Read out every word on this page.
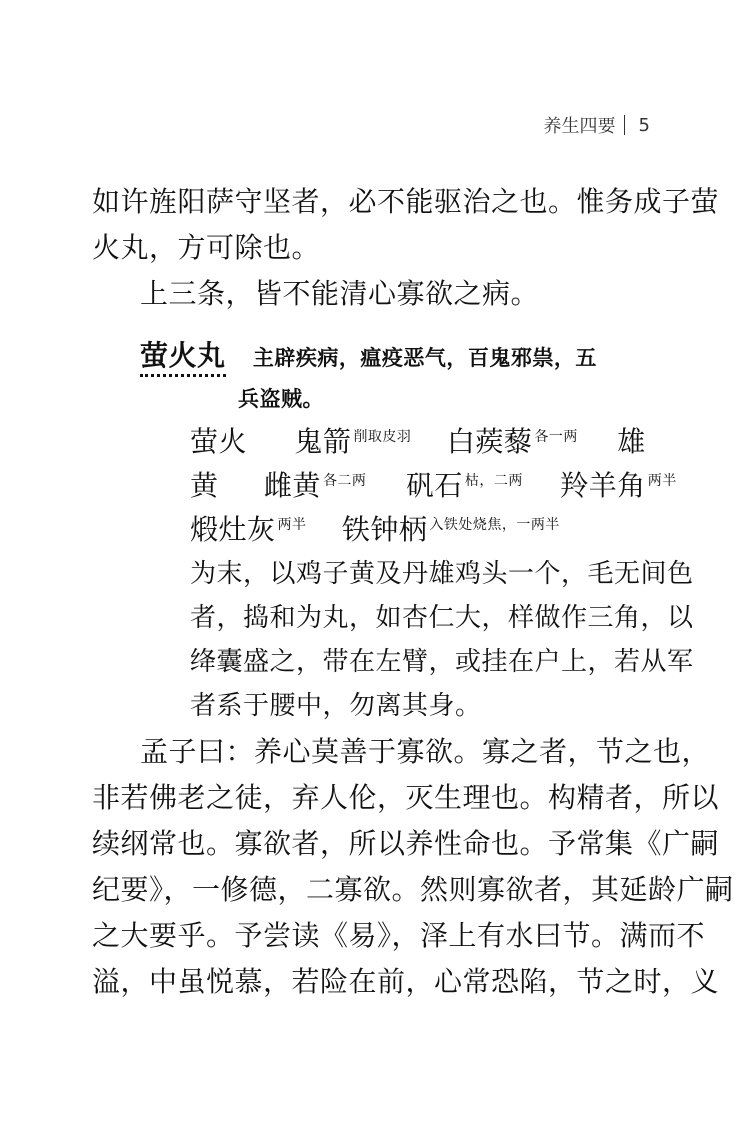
养生四要 5
如许旌阳萨守坚者，必不能驱治之也。惟务成子萤
火丸，方可除也。
上三条，皆不能清心寡欲之病。
萤火丸 主辟疾病，瘟疫恶气，百鬼邪祟，五
兵盗贼。
萤火 鬼箭 $^{削取皮羽}$ 白蒺藜 $^{各一两}$ 雄
黄 雌黄 $^{各二两}$ 矾石 $^{枯,二两}$ 羚羊角 $^{两半}$
煅灶灰 $^{两半}$ 铁钟柄 $^{入铁处烧焦,一两半}$
为末，以鸡子黄及丹雄鸡头一个，毛无间色
者，捣和为丸，如杏仁大，样做作三角，以
绛囊盛之，带在左臂，或挂在户上，若从军
者系于腰中，勿离其身。
孟子曰：养心莫善于寡欲。寡之者，节之也，
非若佛老之徒，弃人伦，灭生理也。构精者，所以
续纲常也。寡欲者，所以养性命也。予常集《广嗣
纪要》，一修德，二寡欲。然则寡欲者，其延龄广嗣
之大要乎。予尝读《易》，泽上有水曰节。满而不
溢，中虽悦慕，若险在前，心常恐陷，节之时，义
